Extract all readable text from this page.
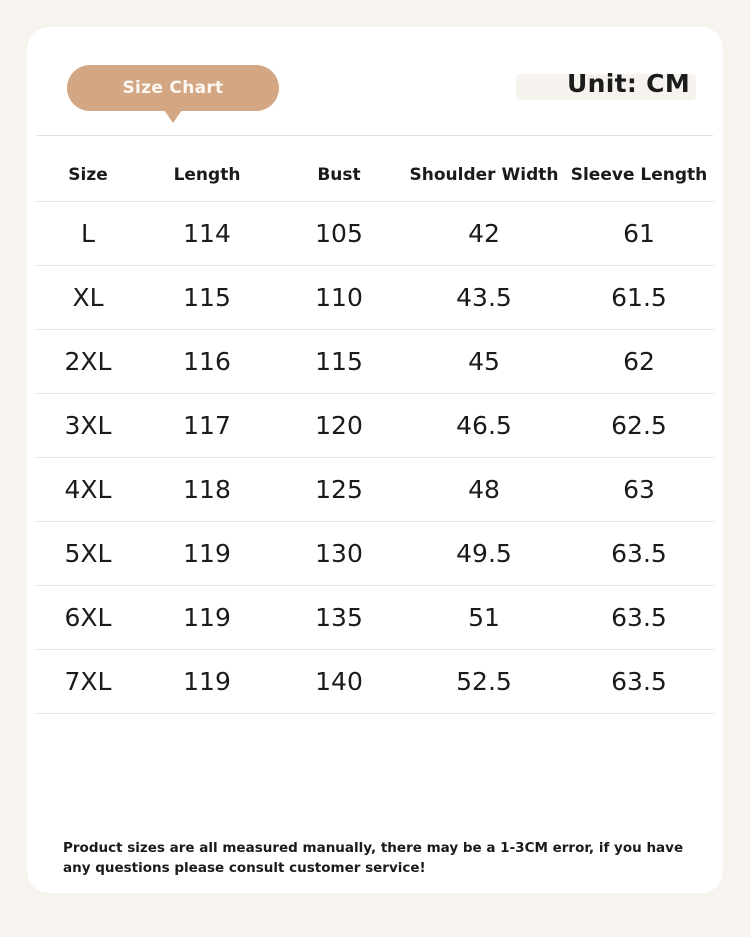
Size Chart	Unit: CM
Size	Length	Bust	Shoulder Width	Sleeve Length
L	114	105	42	61
XL	115	110	43.5	61.5
2XL	116	115	45	62
3XL	117	120	46.5	62.5
4XL	118	125	48	63
5XL	119	130	49.5	63.5
6XL	119	135	51	63.5
7XL	119	140	52.5	63.5
Product sizes are all measured manually, there may be a 1-3CM error, if you have any questions please consult customer service!
